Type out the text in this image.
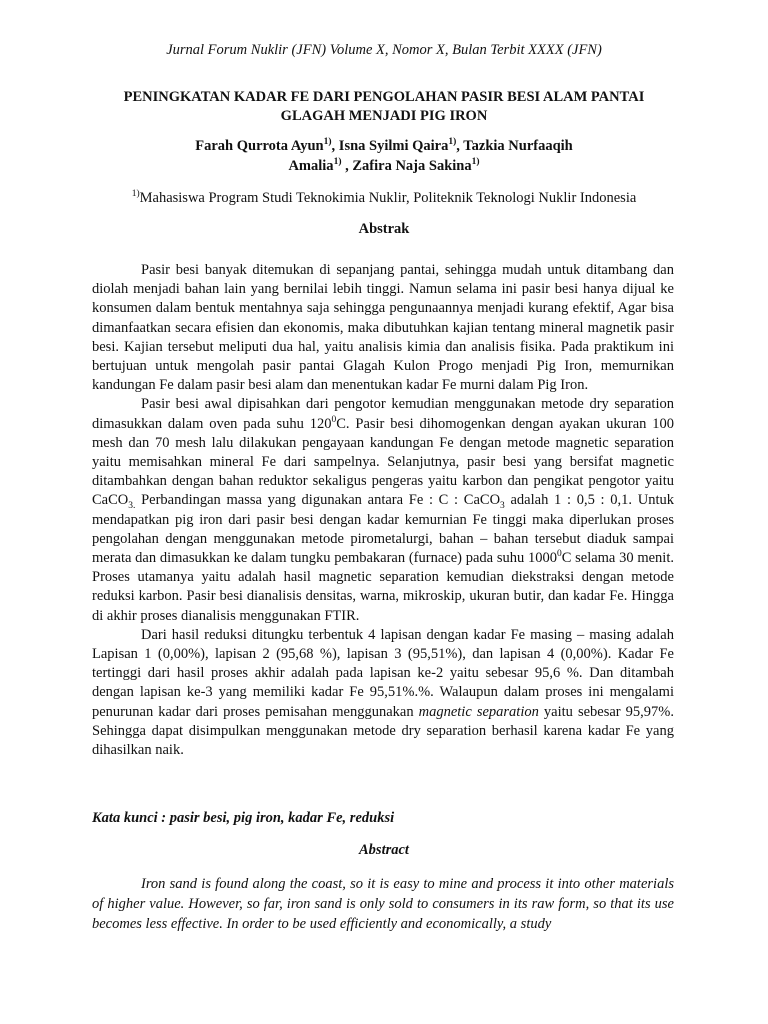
Jurnal Forum Nuklir (JFN) Volume X, Nomor X, Bulan Terbit XXXX (JFN)
PENINGKATAN KADAR FE DARI PENGOLAHAN PASIR BESI ALAM PANTAI
GLAGAH MENJADI PIG IRON
Farah Qurrota Ayun$^{1)}$, Isna Syilmi Qaira$^{1)}$, Tazkia Nurfaaqih
Amalia$^{1)}$ , Zafira Naja Sakina$^{1)}$
$^{1)}$Mahasiswa Program Studi Teknokimia Nuklir, Politeknik Teknologi Nuklir Indonesia
Abstrak

Pasir besi banyak ditemukan di sepanjang pantai, sehingga mudah untuk ditambang dan diolah menjadi bahan lain yang bernilai lebih tinggi. Namun selama ini pasir besi hanya dijual ke konsumen dalam bentuk mentahnya saja sehingga pengunaannya menjadi kurang efektif, Agar bisa dimanfaatkan secara efisien dan ekonomis, maka dibutuhkan kajian tentang mineral magnetik pasir besi. Kajian tersebut meliputi dua hal, yaitu analisis kimia dan analisis fisika. Pada praktikum ini bertujuan untuk mengolah pasir pantai Glagah Kulon Progo menjadi Pig Iron, memurnikan kandungan Fe dalam pasir besi alam dan menentukan kadar Fe murni dalam Pig Iron.

Pasir besi awal dipisahkan dari pengotor kemudian menggunakan metode dry separation dimasukkan dalam oven pada suhu $120^0C$. Pasir besi dihomogenkan dengan ayakan ukuran 100 mesh dan 70 mesh lalu dilakukan pengayaan kandungan Fe dengan metode magnetic separation yaitu memisahkan mineral Fe dari sampelnya. Selanjutnya, pasir besi yang bersifat magnetic ditambahkan dengan bahan reduktor sekaligus pengeras yaitu karbon dan pengikat pengotor yaitu CaCO$_{3.}$ Perbandingan massa yang digunakan antara Fe : C : CaCO$_3$ adalah 1 : 0,5 : 0,1. Untuk mendapatkan pig iron dari pasir besi dengan kadar kemurnian Fe tinggi maka diperlukan proses pengolahan dengan menggunakan metode pirometalurgi, bahan – bahan tersebut diaduk sampai merata dan dimasukkan ke dalam tungku pembakaran (furnace) pada suhu 1000$^0$C selama 30 menit. Proses utamanya yaitu adalah hasil magnetic separation kemudian diekstraksi dengan metode reduksi karbon. Pasir besi dianalisis densitas, warna, mikroskip, ukuran butir, dan kadar Fe. Hingga di akhir proses dianalisis menggunakan FTIR.

Dari hasil reduksi ditungku terbentuk 4 lapisan dengan kadar Fe masing – masing adalah Lapisan 1 (0,00%), lapisan 2 (95,68 %), lapisan 3 (95,51%), dan lapisan 4 (0,00%). Kadar Fe tertinggi dari hasil proses akhir adalah pada lapisan ke-2 yaitu sebesar 95,6 %. Dan ditambah dengan lapisan ke-3 yang memiliki kadar Fe 95,51%.%. Walaupun dalam proses ini mengalami penurunan kadar dari proses pemisahan menggunakan magnetic separation yaitu sebesar 95,97%. Sehingga dapat disimpulkan menggunakan metode dry separation berhasil karena kadar Fe yang dihasilkan naik.

Kata kunci : pasir besi, pig iron, kadar Fe, reduksi
Abstract

Iron sand is found along the coast, so it is easy to mine and process it into other materials of higher value. However, so far, iron sand is only sold to consumers in its raw form, so that its use becomes less effective. In order to be used efficiently and economically, a study
